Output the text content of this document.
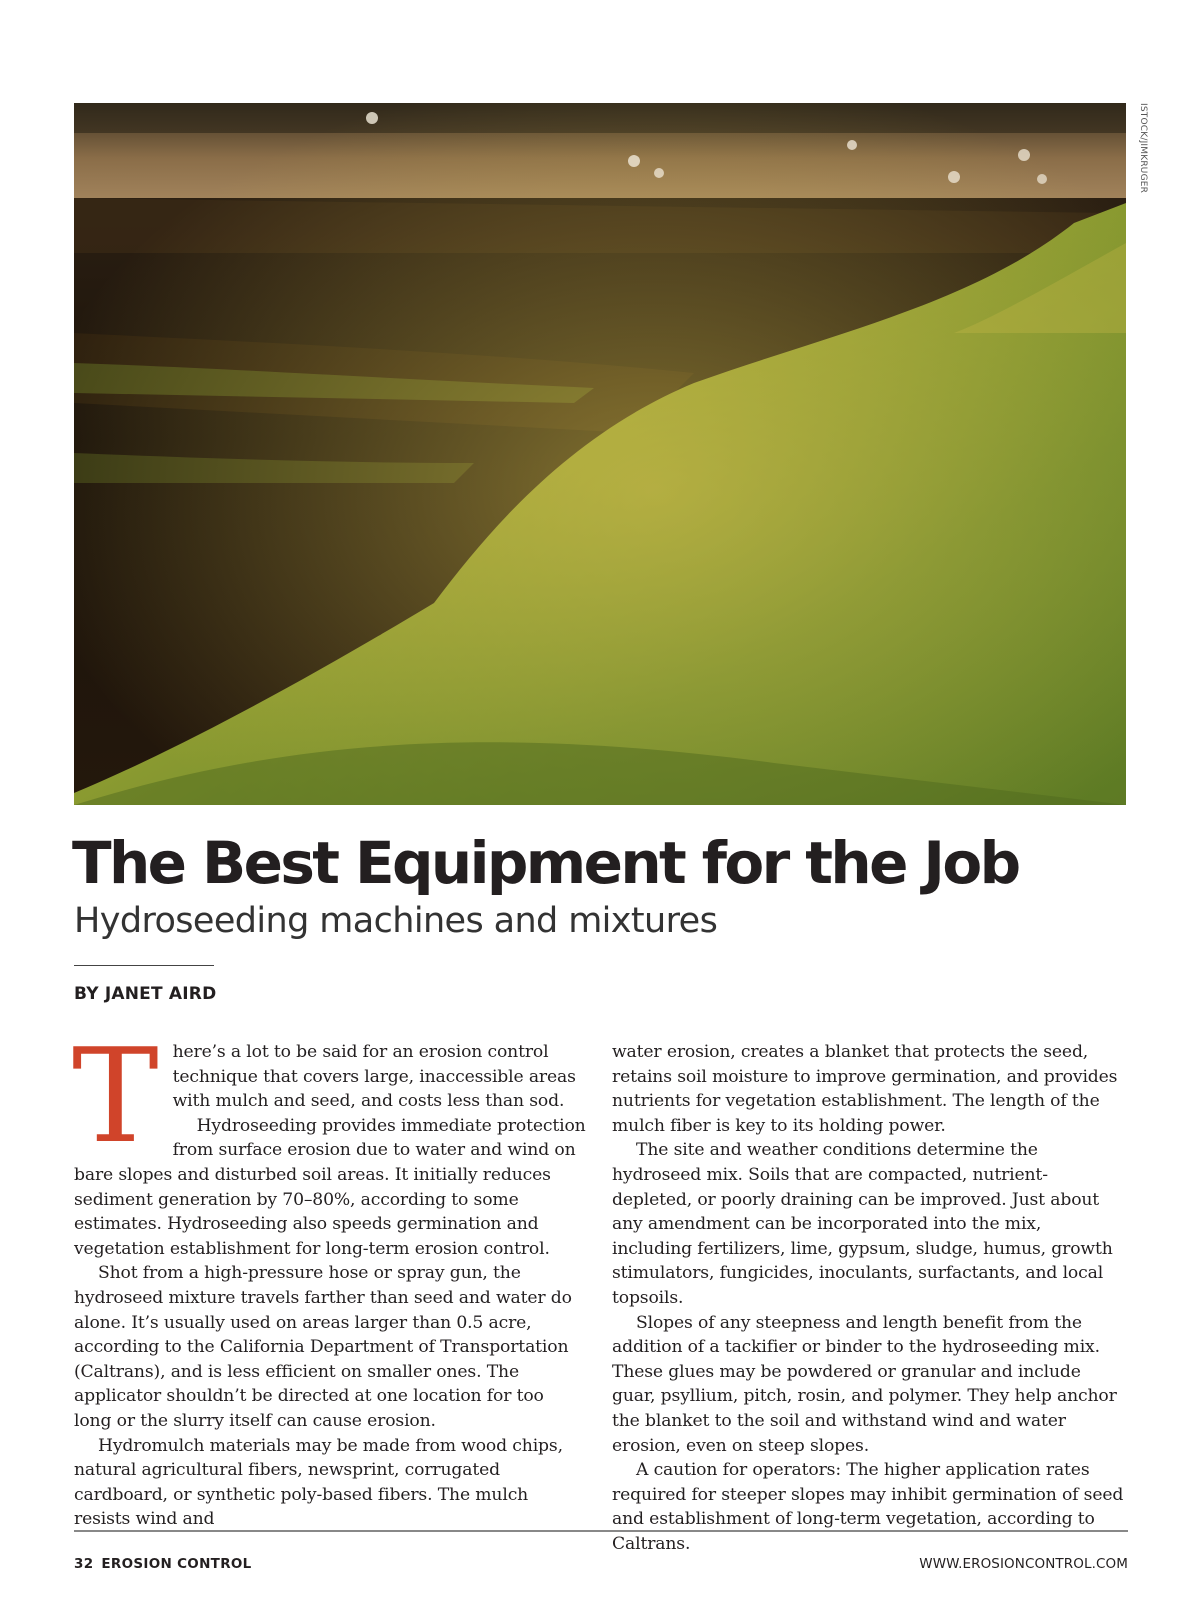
ISTOCK/JIMKRUGER
The Best Equipment for the Job
Hydroseeding machines and mixtures
BY JANET AIRD

There’s a lot to be said for an erosion control technique that covers large, inaccessible areas with mulch and seed, and costs less than sod.

Hydroseeding provides immediate protection from surface erosion due to water and wind on bare slopes and disturbed soil areas. It initially reduces sediment generation by 70–80%, according to some estimates. Hydroseeding also speeds germination and vegetation establishment for long-term erosion control.

Shot from a high-pressure hose or spray gun, the hydroseed mixture travels farther than seed and water do alone. It’s usually used on areas larger than 0.5 acre, according to the California Department of Transportation (Caltrans), and is less efficient on smaller ones. The applicator shouldn’t be directed at one location for too long or the slurry itself can cause erosion.

Hydromulch materials may be made from wood chips, natural agricultural fibers, newsprint, corrugated cardboard, or synthetic poly-based fibers. The mulch resists wind and

water erosion, creates a blanket that protects the seed, retains soil moisture to improve germination, and provides nutrients for vegetation establishment. The length of the mulch fiber is key to its holding power.

The site and weather conditions determine the hydroseed mix. Soils that are compacted, nutrient-depleted, or poorly draining can be improved. Just about any amendment can be incorporated into the mix, including fertilizers, lime, gypsum, sludge, humus, growth stimulators, fungicides, inoculants, surfactants, and local topsoils.

Slopes of any steepness and length benefit from the addition of a tackifier or binder to the hydroseeding mix. These glues may be powdered or granular and include guar, psyllium, pitch, rosin, and polymer. They help anchor the blanket to the soil and withstand wind and water erosion, even on steep slopes.

A caution for operators: The higher application rates required for steeper slopes may inhibit germination of seed and establishment of long-term vegetation, according to Caltrans.

32 EROSION CONTROL	WWW.EROSIONCONTROL.COM
